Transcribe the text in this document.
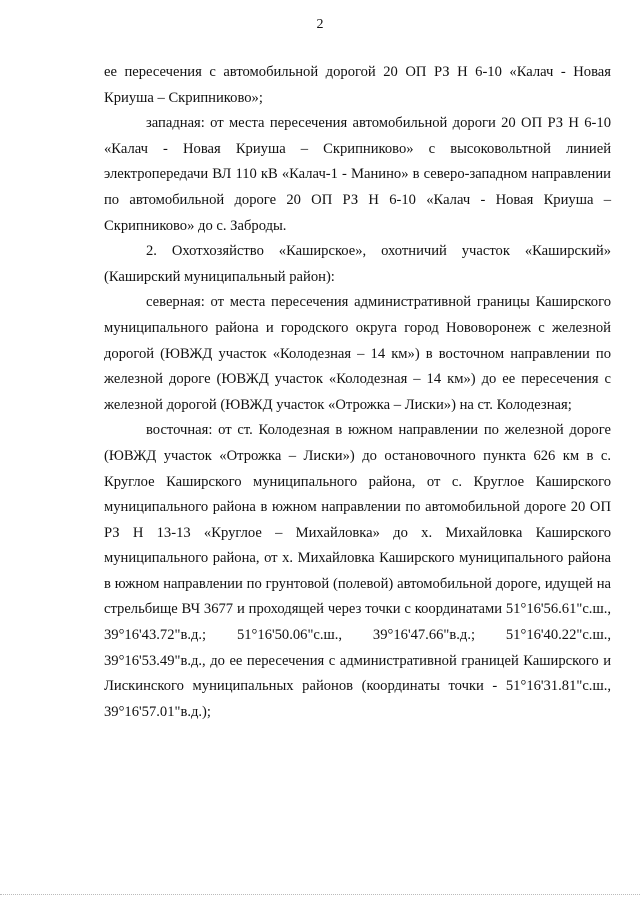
2

ее пересечения с автомобильной дорогой 20 ОП РЗ Н 6-10 «Калач - Новая Криуша – Скрипниково»;

западная: от места пересечения автомобильной дороги 20 ОП РЗ Н 6-10 «Калач - Новая Криуша – Скрипниково» с высоковольтной линией электропередачи ВЛ 110 кВ «Калач-1 - Манино» в северо-западном направлении по автомобильной дороге 20 ОП РЗ Н 6-10 «Калач - Новая Криуша – Скрипниково» до с. Заброды.

2. Охотхозяйство «Каширское», охотничий участок «Каширский» (Каширский муниципальный район):

северная: от места пересечения административной границы Каширского муниципального района и городского округа город Нововоронеж с железной дорогой (ЮВЖД участок «Колодезная – 14 км») в восточном направлении по железной дороге (ЮВЖД участок «Колодезная – 14 км») до ее пересечения с железной дорогой (ЮВЖД участок «Отрожка – Лиски») на ст. Колодезная;

восточная: от ст. Колодезная в южном направлении по железной дороге (ЮВЖД участок «Отрожка – Лиски») до остановочного пункта 626 км в с. Круглое Каширского муниципального района, от с. Круглое Каширского муниципального района в южном направлении по автомобильной дороге 20 ОП РЗ Н 13-13 «Круглое – Михайловка» до х. Михайловка Каширского муниципального района, от х. Михайловка Каширского муниципального района в южном направлении по грунтовой (полевой) автомобильной дороге, идущей на стрельбище ВЧ 3677 и проходящей через точки с координатами 51°16'56.61"с.ш., 39°16'43.72"в.д.; 51°16'50.06"с.ш., 39°16'47.66"в.д.; 51°16'40.22"с.ш., 39°16'53.49"в.д., до ее пересечения с административной границей Каширского и Лискинского муниципальных районов (координаты точки - 51°16'31.81"с.ш., 39°16'57.01"в.д.);
